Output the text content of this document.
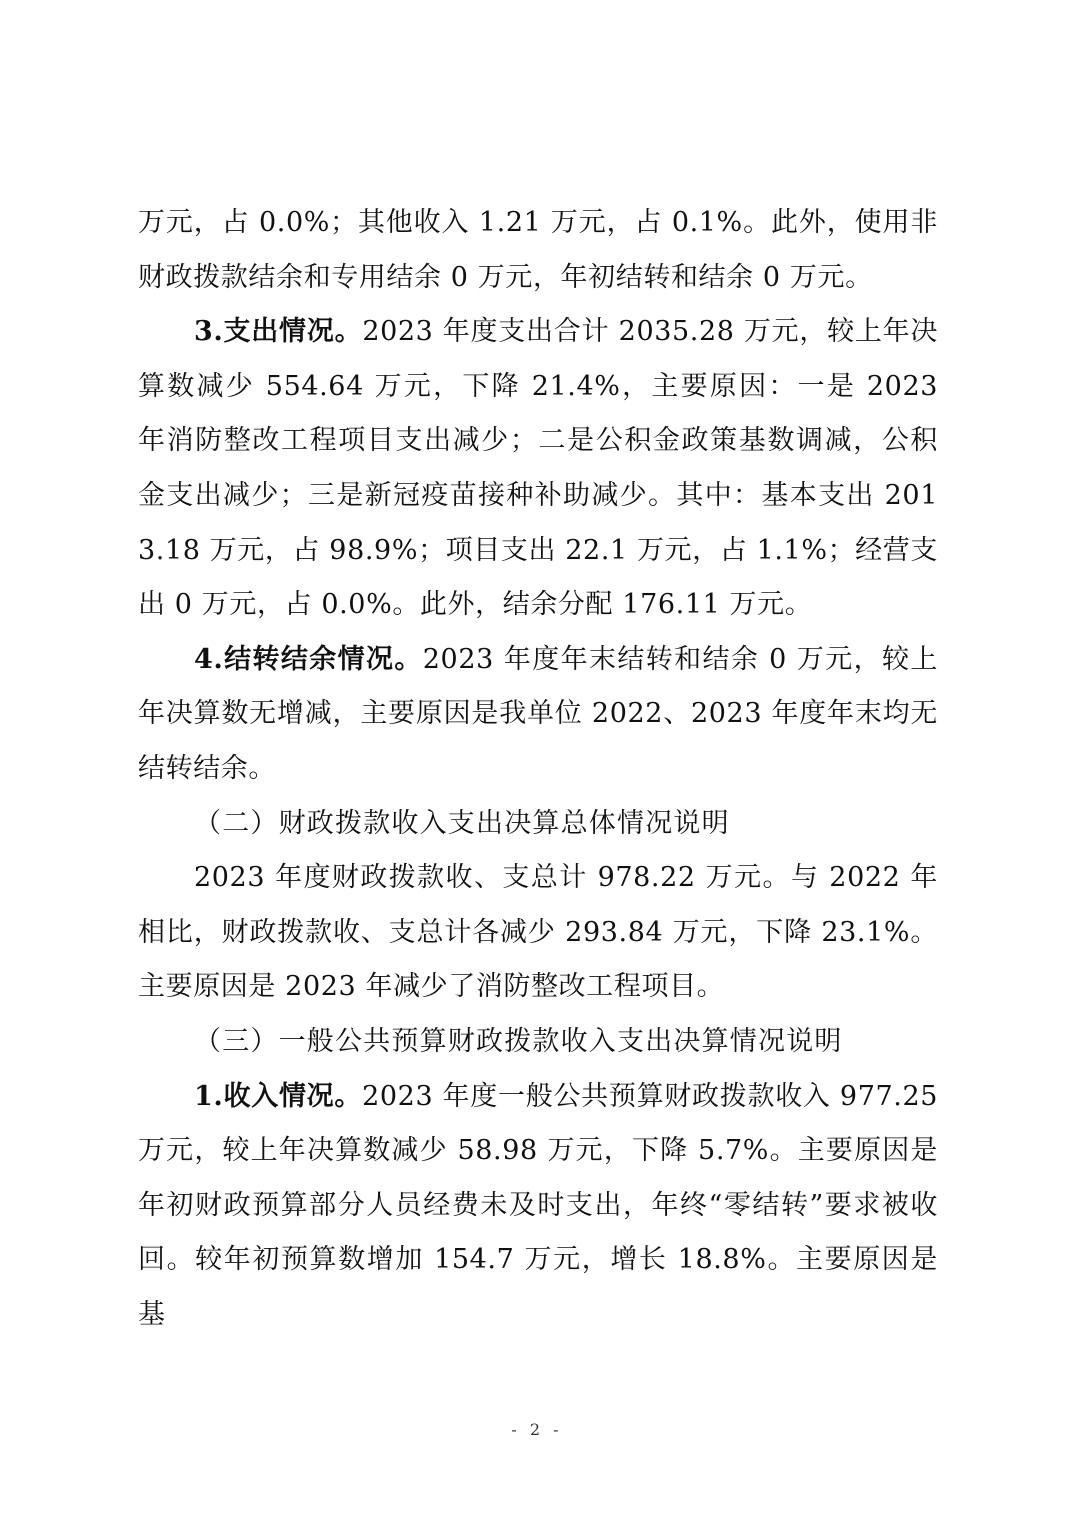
万元，占 0.0%；其他收入 1.21 万元，占 0.1%。此外，使用非财政拨款结余和专用结余 0 万元，年初结转和结余 0 万元。

3.支出情况。2023 年度支出合计 2035.28 万元，较上年决算数减少 554.64 万元，下降 21.4%，主要原因：一是 2023 年消防整改工程项目支出减少；二是公积金政策基数调减，公积金支出减少；三是新冠疫苗接种补助减少。其中：基本支出 2013.18 万元，占 98.9%；项目支出 22.1 万元，占 1.1%；经营支出 0 万元，占 0.0%。此外，结余分配 176.11 万元。

4.结转结余情况。2023 年度年末结转和结余 0 万元，较上年决算数无增减，主要原因是我单位 2022、2023 年度年末均无结转结余。

（二）财政拨款收入支出决算总体情况说明

2023 年度财政拨款收、支总计 978.22 万元。与 2022 年相比，财政拨款收、支总计各减少 293.84 万元，下降 23.1%。主要原因是 2023 年减少了消防整改工程项目。

（三）一般公共预算财政拨款收入支出决算情况说明

1.收入情况。2023 年度一般公共预算财政拨款收入 977.25 万元，较上年决算数减少 58.98 万元，下降 5.7%。主要原因是年初财政预算部分人员经费未及时支出，年终“零结转”要求被收回。较年初预算数增加 154.7 万元，增长 18.8%。主要原因是基

- 2 -
